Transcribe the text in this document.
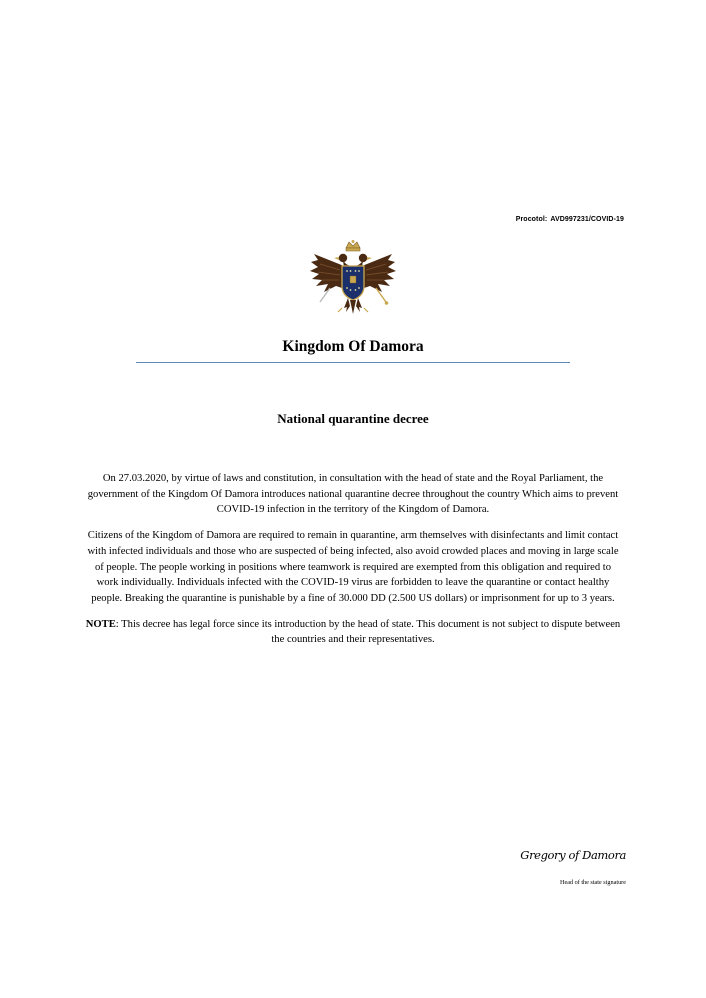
Procotol: AVD997231/COVID-19
Kingdom Of Damora
National quarantine decree

On 27.03.2020, by virtue of laws and constitution, in consultation with the head of state and the Royal Parliament, the government of the Kingdom Of Damora introduces national quarantine decree throughout the country Which aims to prevent COVID-19 infection in the territory of the Kingdom of Damora.

Citizens of the Kingdom of Damora are required to remain in quarantine, arm themselves with disinfectants and limit contact with infected individuals and those who are suspected of being infected, also avoid crowded places and moving in large scale of people. The people working in positions where teamwork is required are exempted from this obligation and required to work individually. Individuals infected with the COVID-19 virus are forbidden to leave the quarantine or contact healthy people. Breaking the quarantine is punishable by a fine of 30.000 DD (2.500 US dollars) or imprisonment for up to 3 years.

NOTE: This decree has legal force since its introduction by the head of state. This document is not subject to dispute between the countries and their representatives.

Gregory of Damora
Head of the state signature
